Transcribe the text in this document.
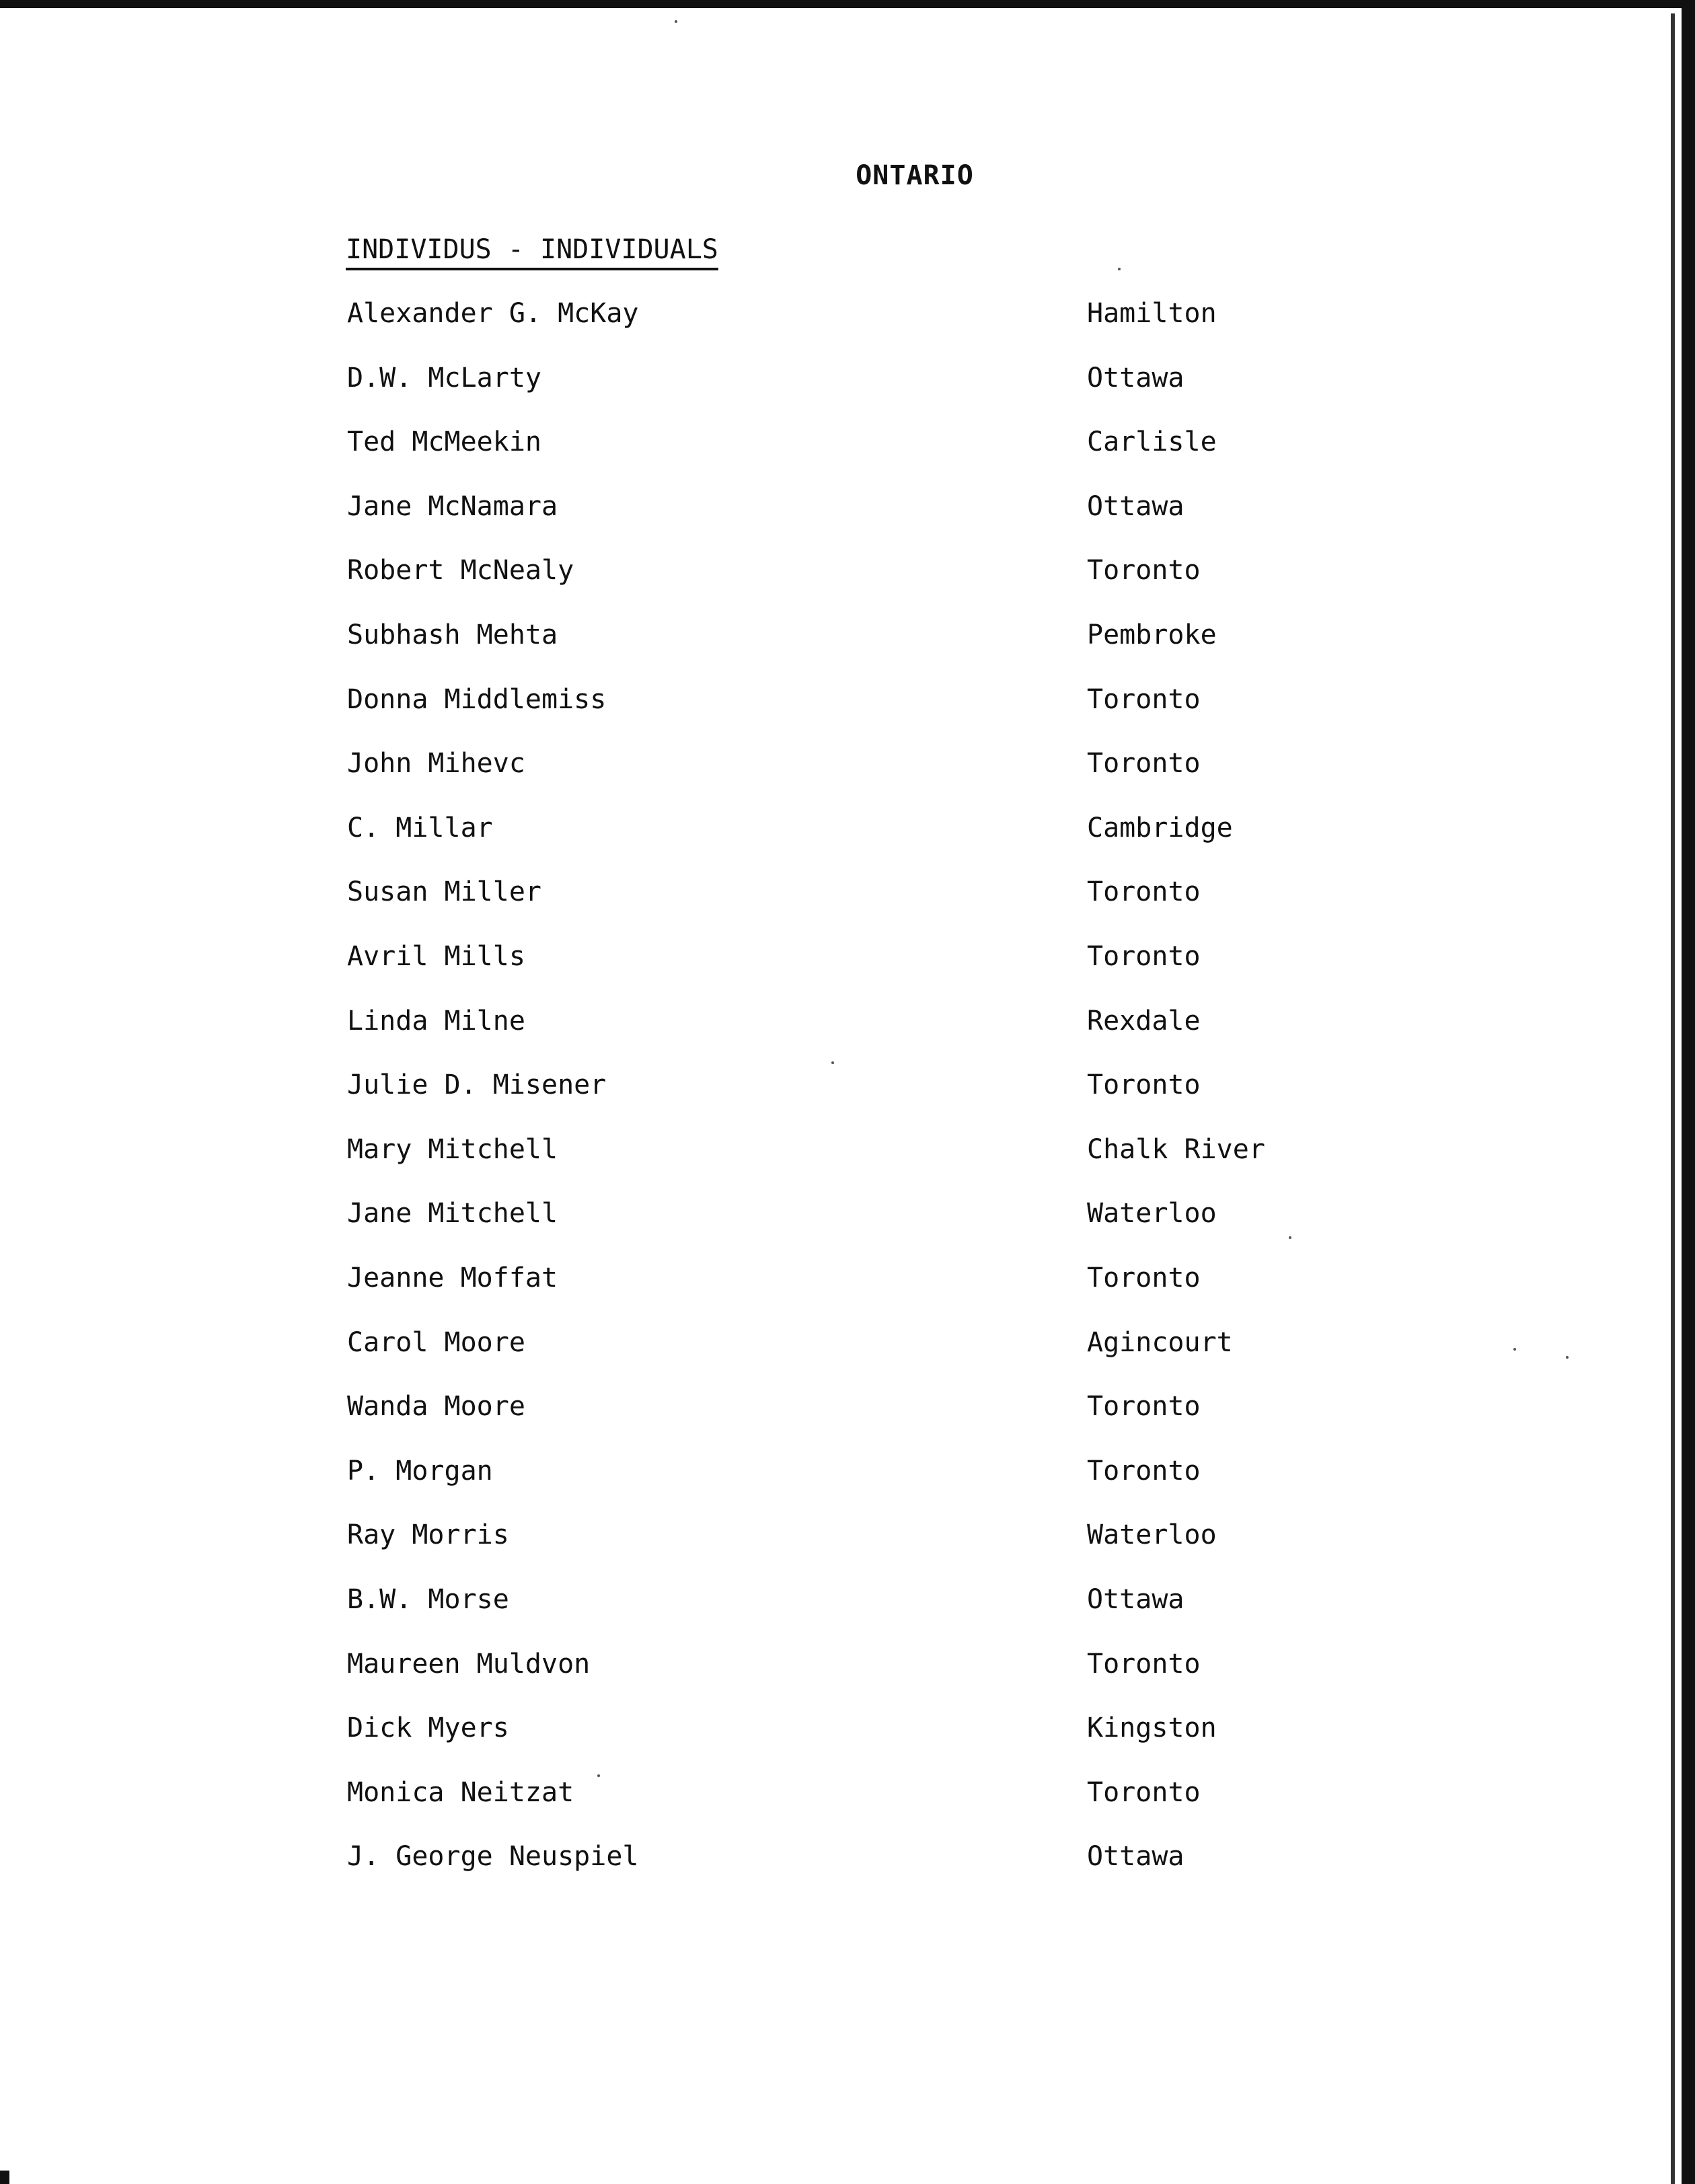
ONTARIO
INDIVIDUS - INDIVIDUALS
Alexander G. McKay	Hamilton
D.W. McLarty	Ottawa
Ted McMeekin	Carlisle
Jane McNamara	Ottawa
Robert McNealy	Toronto
Subhash Mehta	Pembroke
Donna Middlemiss	Toronto
John Mihevc	Toronto
C. Millar	Cambridge
Susan Miller	Toronto
Avril Mills	Toronto
Linda Milne	Rexdale
Julie D. Misener	Toronto
Mary Mitchell	Chalk River
Jane Mitchell	Waterloo
Jeanne Moffat	Toronto
Carol Moore	Agincourt
Wanda Moore	Toronto
P. Morgan	Toronto
Ray Morris	Waterloo
B.W. Morse	Ottawa
Maureen Muldvon	Toronto
Dick Myers	Kingston
Monica Neitzat	Toronto
J. George Neuspiel	Ottawa
